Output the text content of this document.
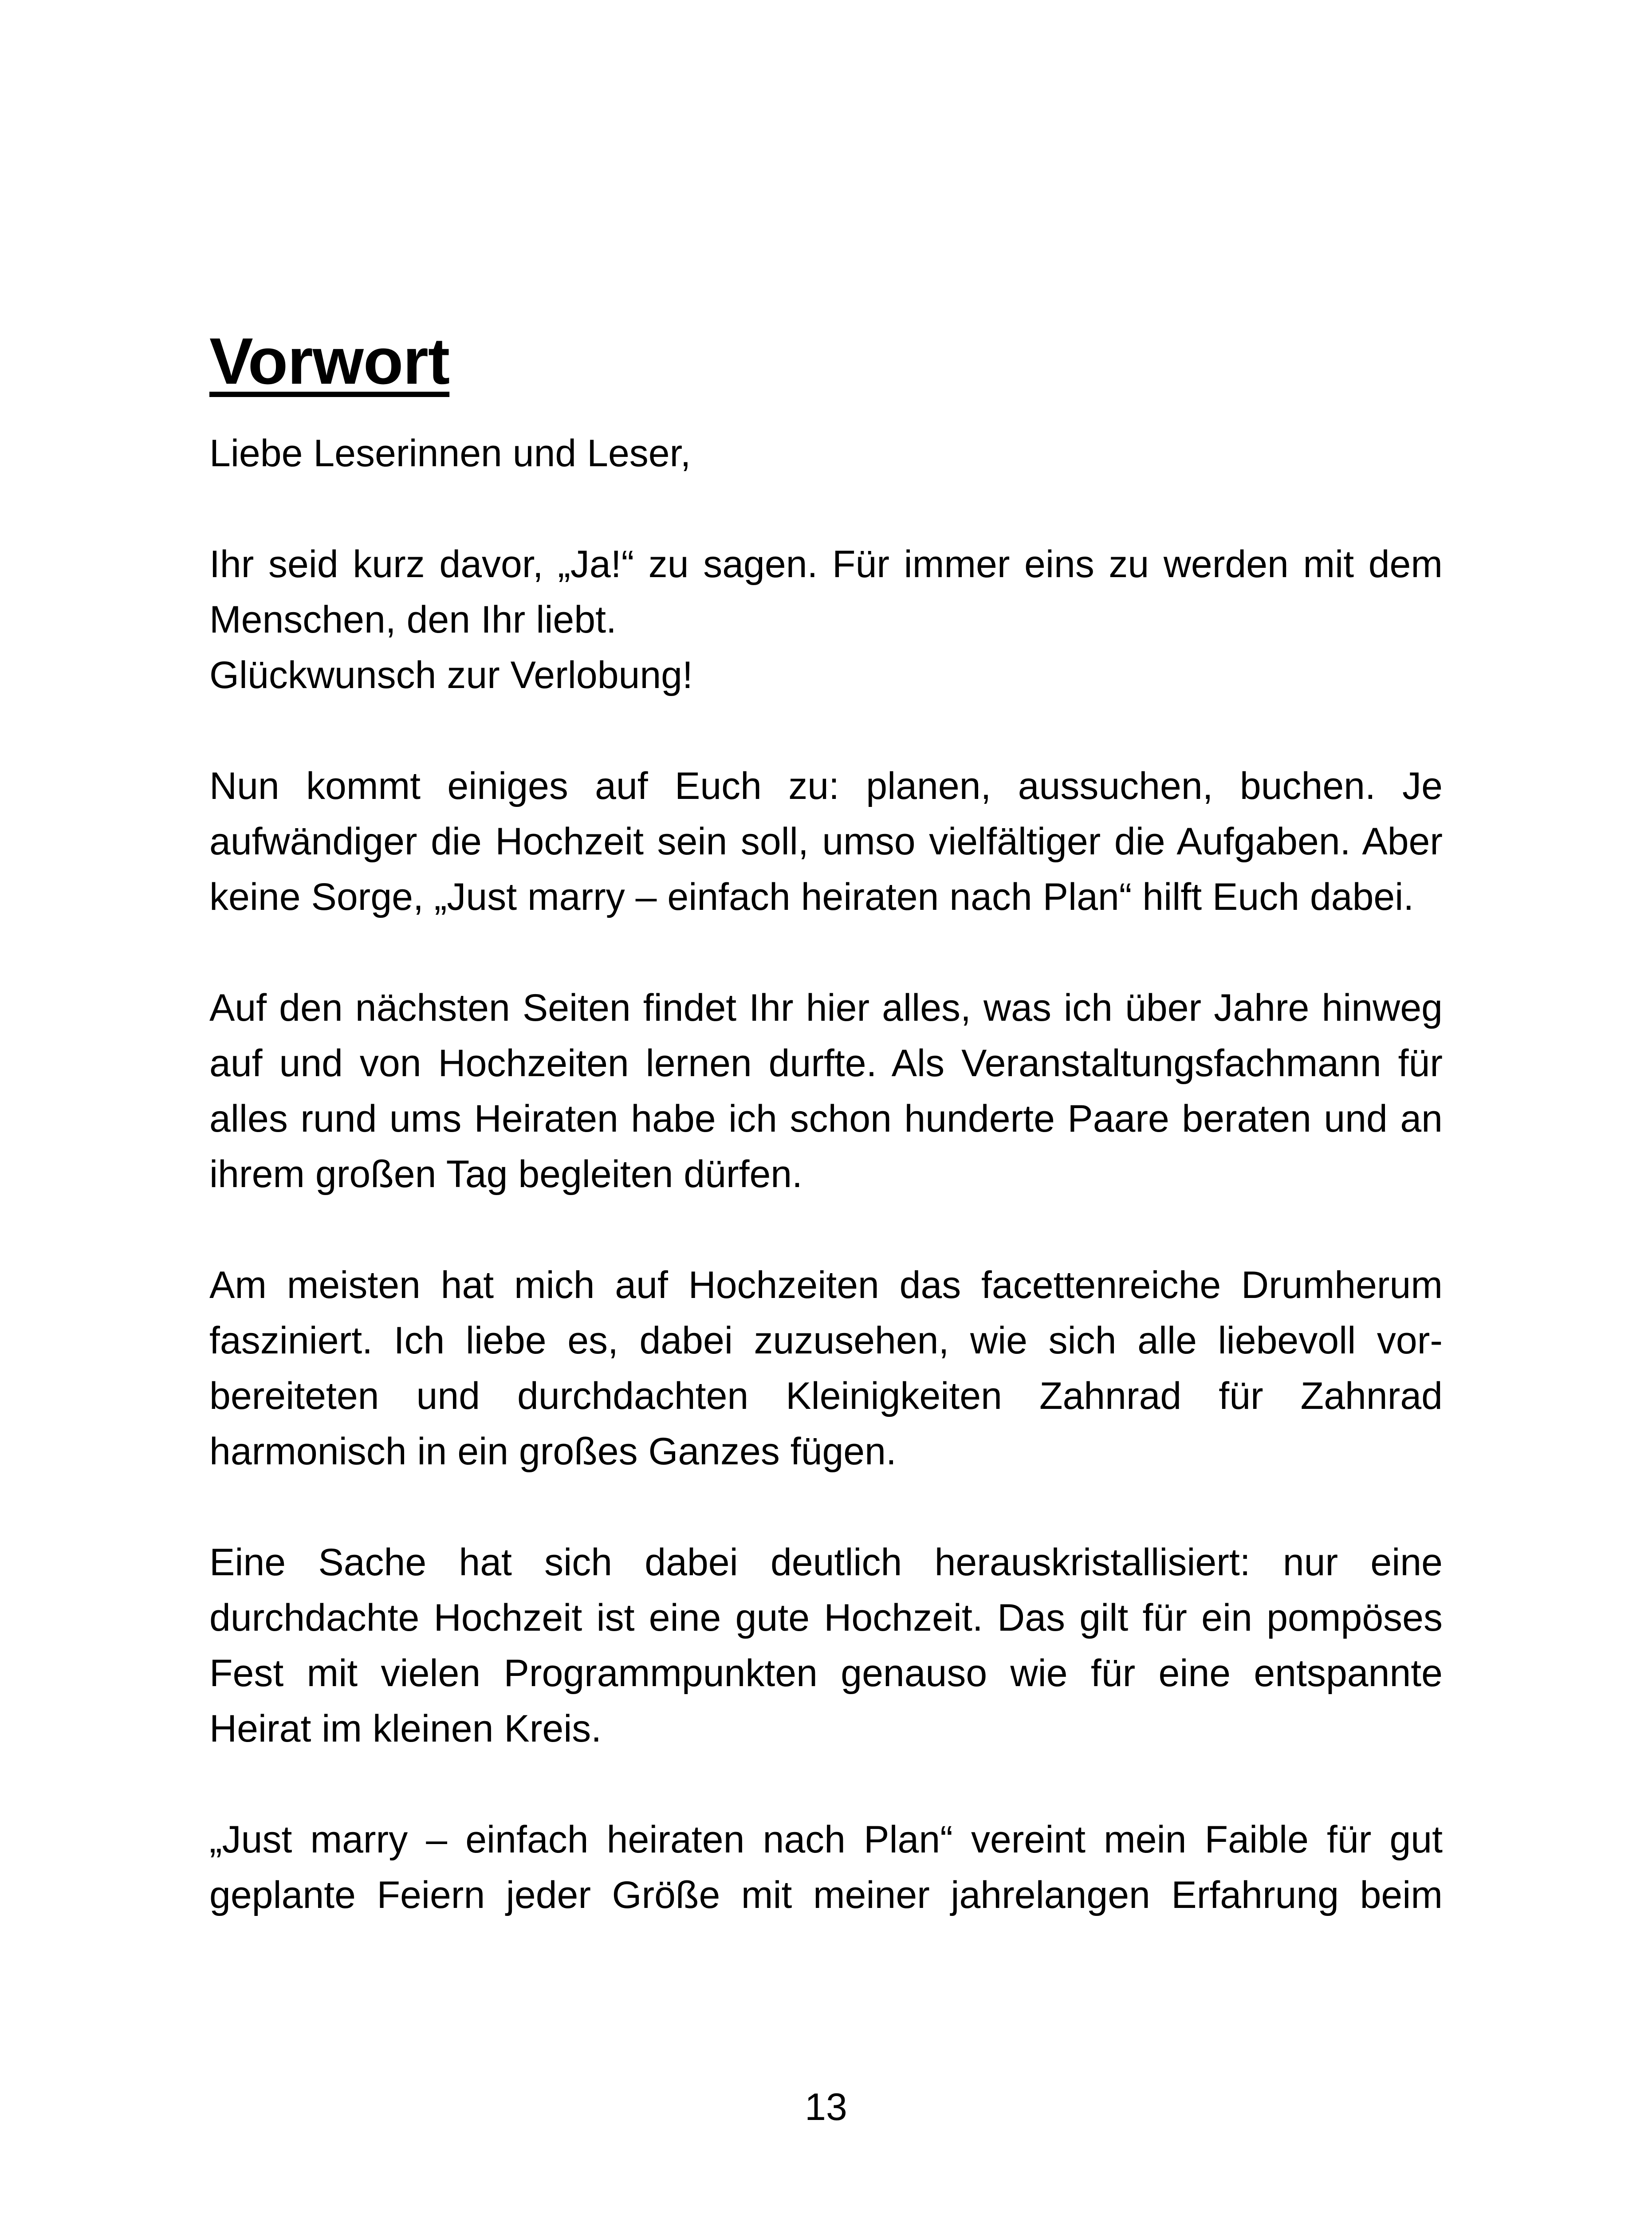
Vorwort

Liebe Leserinnen und Leser,

Ihr seid kurz davor, „Ja!“ zu sagen. Für immer eins zu werden mit dem Menschen, den Ihr liebt.
Glückwunsch zur Verlobung!

Nun kommt einiges auf Euch zu: planen, aussuchen, buchen. Je aufwändiger die Hochzeit sein soll, umso vielfältiger die Aufgaben. Aber keine Sorge, „Just marry – einfach heiraten nach Plan“ hilft Euch dabei.

Auf den nächsten Seiten findet Ihr hier alles, was ich über Jahre hinweg auf und von Hochzeiten lernen durfte. Als Veranstaltungsfachmann für alles rund ums Heiraten habe ich schon hunderte Paare beraten und an ihrem großen Tag begleiten dürfen.

Am meisten hat mich auf Hochzeiten das facettenreiche Drumherum fasziniert. Ich liebe es, dabei zuzusehen, wie sich alle liebevoll vorbereiteten und durchdachten Kleinigkeiten Zahnrad für Zahnrad harmonisch in ein großes Ganzes fügen.

Eine Sache hat sich dabei deutlich herauskristallisiert: nur eine durchdachte Hochzeit ist eine gute Hochzeit. Das gilt für ein pompöses Fest mit vielen Programmpunkten genauso wie für eine entspannte Heirat im kleinen Kreis.

„Just marry – einfach heiraten nach Plan“ vereint mein Faible für gut geplante Feiern jeder Größe mit meiner jahrelangen Erfahrung beim

13
